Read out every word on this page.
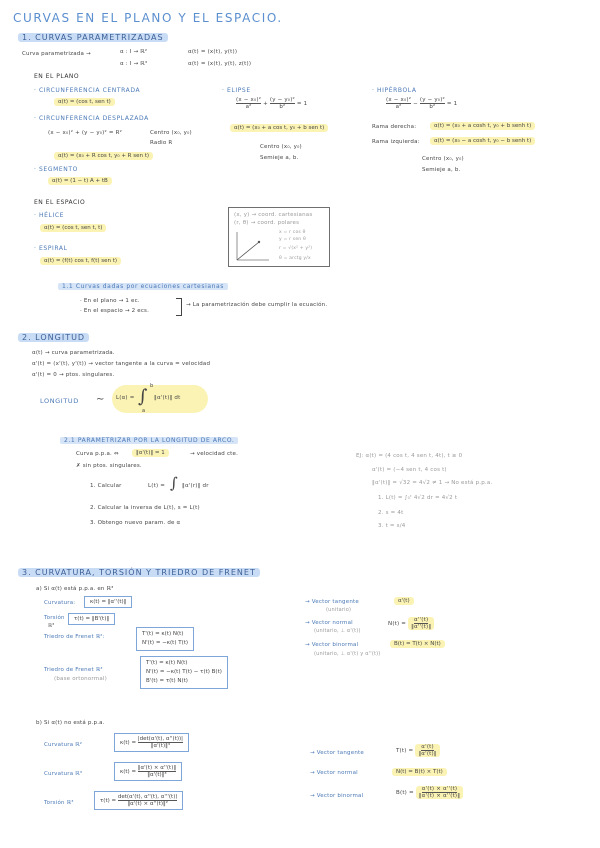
CURVAS EN EL PLANO Y EL ESPACIO.
1. CURVAS PARAMETRIZADAS
Curva parametrizada →	α : I → ℝ²	α(t) = (x(t), y(t))
α : I → ℝ³	α(t) = (x(t), y(t), z(t))
EN EL PLANO
· CIRCUNFERENCIA CENTRADA
α(t) = (cos t, sen t)
· CIRCUNFERENCIA DESPLAZADA
(x − x₀)² + (y − y₀)² = R²	Centro (x₀, y₀)
Radio R
α(t) = (x₀ + R cos t, y₀ + R sen t)
· SEGMENTO
α(t) = (1 − t) A + tB
· ELIPSE
$\frac{\text{(x − x₀)²}}{\text{a²}} + \frac{\text{(y − y₀)²}}{\text{b²}} = 1$
α(t) = (x₀ + a cos t, y₀ + b sen t)
Centro (x₀, y₀)
Semieje a, b.
· HIPÉRBOLA
$\frac{\text{(x − x₀)²}}{\text{a²}} - \frac{\text{(y − y₀)²}}{\text{b²}} = 1$
Rama derecha:	α(t) = (x₀ + a cosh t, y₀ + b senh t)
Rama izquierda:	α(t) = (x₀ − a cosh t, y₀ − b senh t)
Centro (x₀, y₀)
Semieje a, b.
EN EL ESPACIO
· HÉLICE
α(t) = (cos t, sen t, t)
· ESPIRAL
α(t) = (f(t) cos t, f(t) sen t)
(x, y) → coord. cartesianas
(r, θ) → coord. polares
x = r cos θ
y = r sen θ
r = √(x² + y²)
θ = arctg y/x
1.1 Curvas dadas por ecuaciones cartesianas
· En el plano → 1 ec.
· En el espacio → 2 ecs.
→ La parametrización debe cumplir la ecuación.
2. LONGITUD
α(t) → curva parametrizada.
α'(t) = (x'(t), y'(t)) → vector tangente a la curva = velocidad
α'(t) = 0 → ptos. singulares.
LONGITUD ∼ L(α) = ∫ b
a
‖α'(t)‖ dt
2.1 PARAMETRIZAR POR LA LONGITUD DE ARCO.
Curva p.p.a. ⇔	‖α'(t)‖ = 1	→ velocidad cte.
✗ sin ptos. singulares.
1. Calcular	L(t) = ∫ ‖α'(r)‖ dr
2. Calcular la inversa de L(t), s = L(t)
3. Obtengo nuevo param. de α
EJ: α(t) = (4 cos t, 4 sen t, 4t), t ≥ 0
α'(t) = (−4 sen t, 4 cos t)
‖α'(t)‖ = √32 = 4√2 ≠ 1 → No está p.p.a.
1. L(t) = ∫₀ᵗ 4√2 dr = 4√2 t
2. s = 4t
3. t = s/4
3. CURVATURA, TORSIÓN Y TRIEDRO DE FRENET
a) Si α(t) está p.p.a. en ℝ³
Curvatura:	κ(t) = ‖α''(t)‖
Torsión
ℝ³
τ(t) = ‖B'(t)‖
Triedro de Frenet ℝ²:	T'(t) = κ(t) N(t)
N'(t) = −κ(t) T(t)
Triedro de Frenet ℝ³
(base ortonormal)
T'(t) = κ(t) N(t)
N'(t) = −κ(t) T(t) − τ(t) B(t)
B'(t) = τ(t) N(t)
→ Vector tangente
(unitario)
α'(t)
→ Vector normal
(unitario, ⊥ α'(t))
$N(t) = \frac{\alpha''(t)}{‖\alpha''(t)‖}$
→ Vector binormal
(unitario, ⊥ α'(t) y α''(t))
B(t) = T(t) × N(t)
b) Si α(t) no está p.p.a.
Curvatura ℝ²	$\kappa(t) = \frac{|\det(\alpha'(t), \alpha''(t))|}{\text{‖α'(t)‖³}}$
Curvatura ℝ³	$\kappa(t) = \frac{‖\alpha'(t) \times \alpha''(t)‖}{\text{‖α'(t)‖³}}$
Torsión ℝ³	$\tau(t) = \frac{\det(\alpha'(t), \alpha''(t), \alpha'''(t))}{\text{‖α'(t) × α''(t)‖²}}$
→ Vector tangente	$T(t) = \frac{\alpha'(t)}{‖\alpha'(t)‖}$
→ Vector normal	N(t) = B(t) × T(t)
→ Vector binormal	$B(t) = \frac{\alpha'(t) \times \alpha''(t)}{‖\alpha'(t) \times \alpha''(t)‖}$
